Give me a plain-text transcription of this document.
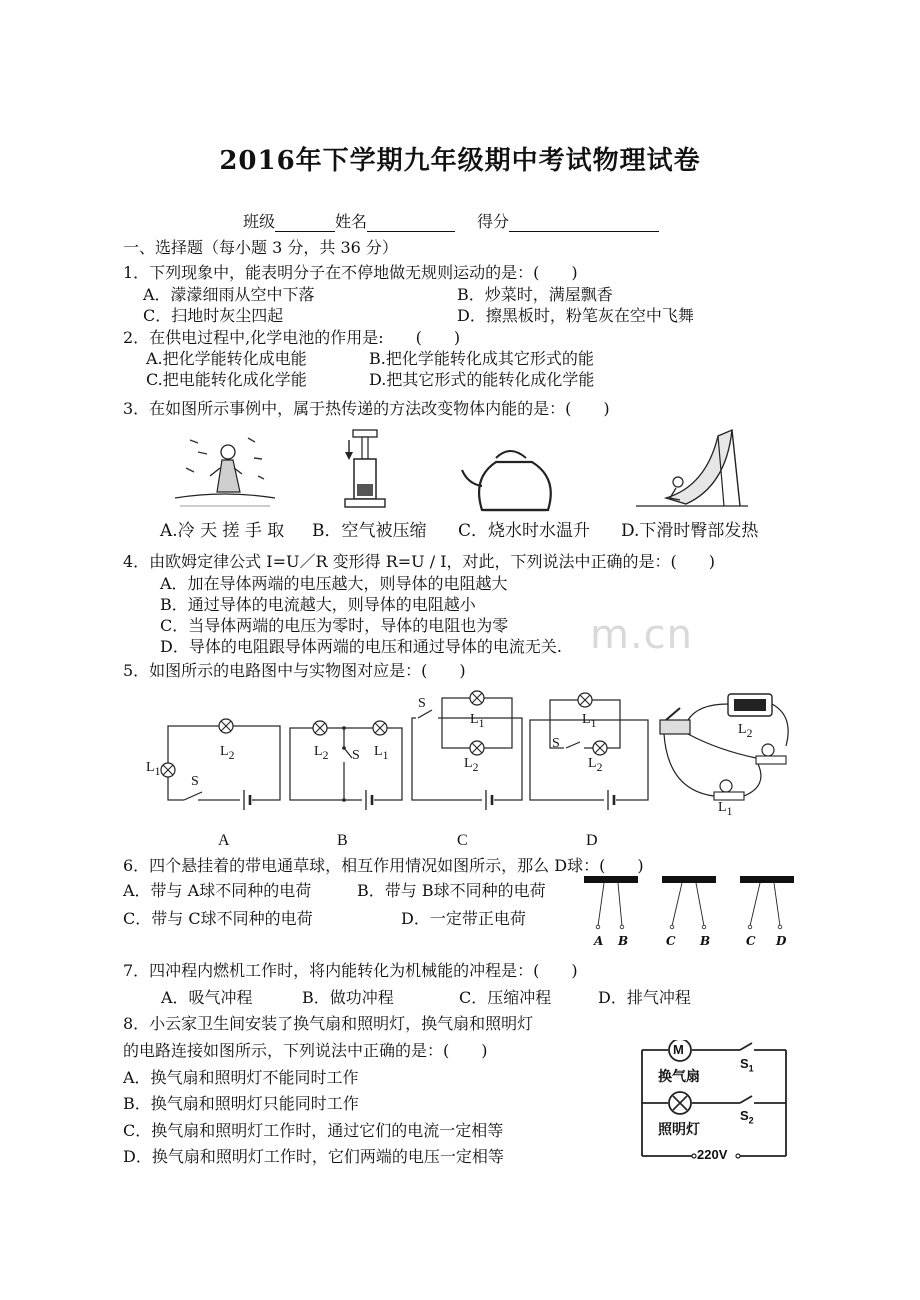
m.cn
2016年下学期九年级期中考试物理试卷
班级	姓名	得分
一、选择题（每小题 3 分，共 36 分）
1．下列现象中，能表明分子在不停地做无规则运动的是：(　　)
A．濛濛细雨从空中下落	B．炒菜时，满屋飘香
C．扫地时灰尘四起	D．擦黑板时，粉笔灰在空中飞舞
2．在供电过程中,化学电池的作用是:　　(　　)
A.把化学能转化成电能	B.把化学能转化成其它形式的能
C.把电能转化成化学能	D.把其它形式的能转化成化学能
3．在如图所示事例中，属于热传递的方法改变物体内能的是：(　　)
A.冷 天 搓 手 取 B．空气被压缩 C．烧水时水温升 D.下滑时臀部发热
4．由欧姆定律公式 I=U／R 变形得 R=U / I，对此，下列说法中正确的是：(　　)
A．加在导体两端的电压越大，则导体的电阻越大
B．通过导体的电流越大，则导体的电阻越小
C．当导体两端的电压为零时，导体的电阻也为零
D．导体的电阻跟导体两端的电压和通过导体的电流无关.
5．如图所示的电路图中与实物图对应是：(　　)
$L_2$
$L_1$
S
$L_2$ S $L_1$
S
$L_1$
$L_2$
$L_1$
S
$L_2$
$L_2$
$L_1$
A	B	C	D
6．四个悬挂着的带电通草球，相互作用情况如图所示，那么 D球：(　　)
A．带与 A球不同种的电荷	B．带与 B球不同种的电荷
C．带与 C球不同种的电荷	D．一定带正电荷
A B	C B	C D
7．四冲程内燃机工作时，将内能转化为机械能的冲程是：(　　)
A．吸气冲程	B．做功冲程	C．压缩冲程	D．排气冲程
8．小云家卫生间安装了换气扇和照明灯，换气扇和照明灯
的电路连接如图所示，下列说法中正确的是：(　　)
A．换气扇和照明灯不能同时工作
B．换气扇和照明灯只能同时工作
C．换气扇和照明灯工作时，通过它们的电流一定相等
D．换气扇和照明灯工作时，它们两端的电压一定相等
M
换气扇
$S_1$
照明灯
$S_2$
220V
